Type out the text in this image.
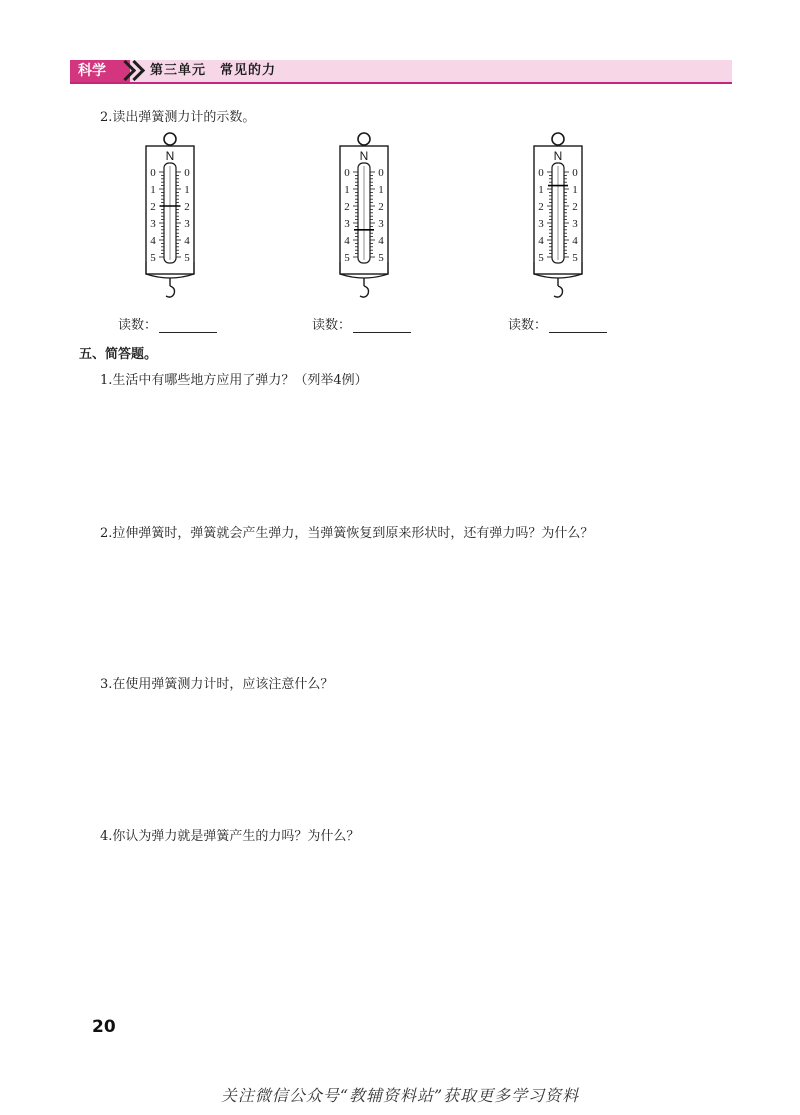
科学	第三单元　常见的力
2.读出弹簧测力计的示数。
N
0	0
1	1
2	2
3	3
4	4
5	5
N
0	0
1	1
2	2
3	3
4	4
5	5
N
0	0
1	1
2	2
3	3
4	4
5	5
读数：	读数：	读数：
五、简答题。
1.生活中有哪些地方应用了弹力？（列举4例）
2.拉伸弹簧时，弹簧就会产生弹力，当弹簧恢复到原来形状时，还有弹力吗？为什么？
3.在使用弹簧测力计时，应该注意什么？
4.你认为弹力就是弹簧产生的力吗？为什么？
20
关注微信公众号“教辅资料站”获取更多学习资料
